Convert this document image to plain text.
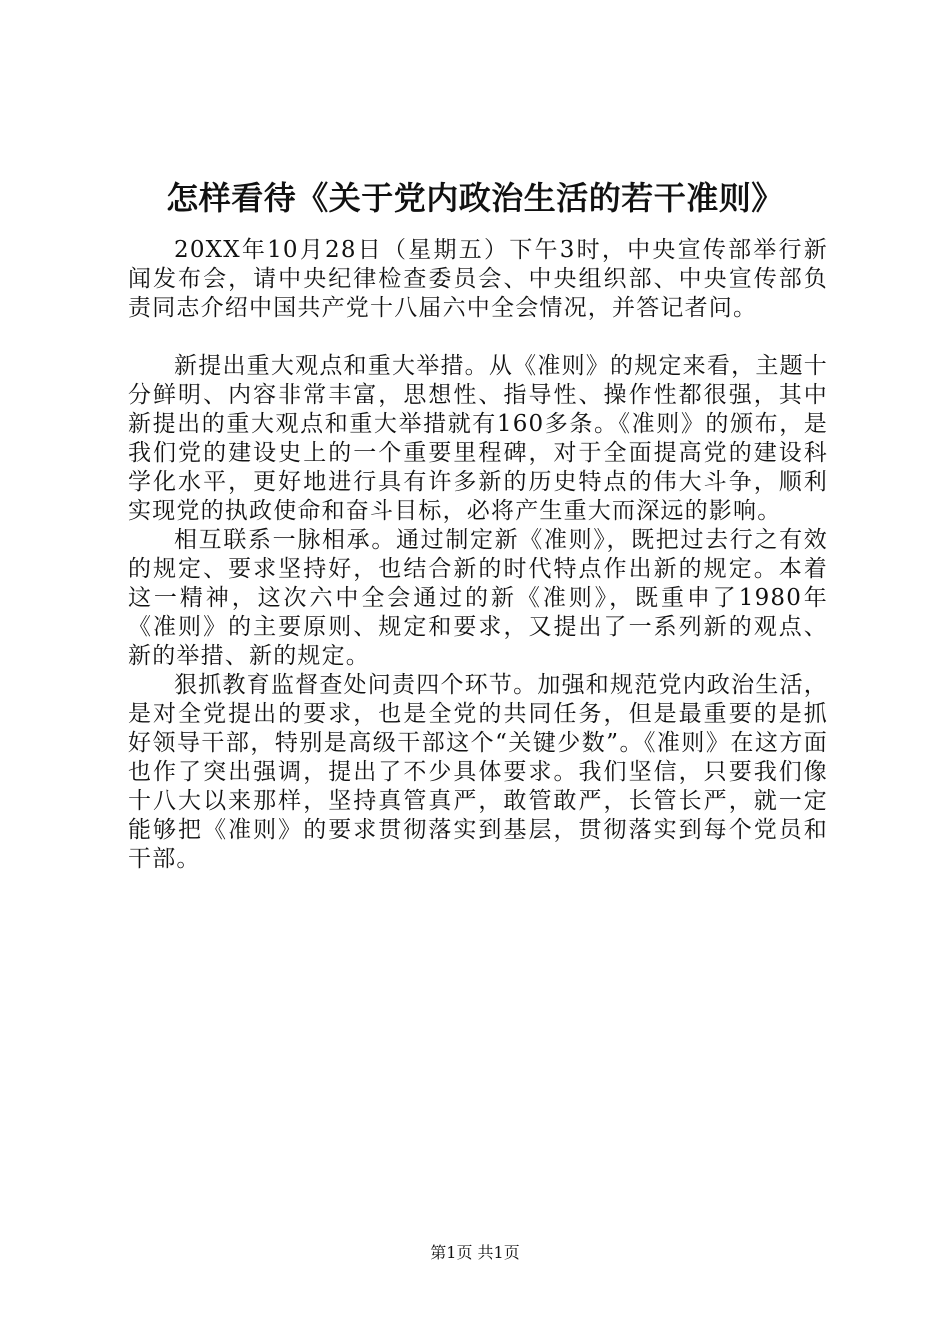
怎样看待《关于党内政治生活的若干准则》

20XX年10月28日（星期五）下午3时，中央宣传部举行新闻发布会，请中央纪律检查委员会、中央组织部、中央宣传部负责同志介绍中国共产党十八届六中全会情况，并答记者问。

新提出重大观点和重大举措。从《准则》的规定来看，主题十分鲜明、内容非常丰富，思想性、指导性、操作性都很强，其中新提出的重大观点和重大举措就有160多条。《准则》的颁布，是我们党的建设史上的一个重要里程碑，对于全面提高党的建设科学化水平，更好地进行具有许多新的历史特点的伟大斗争，顺利实现党的执政使命和奋斗目标，必将产生重大而深远的影响。

相互联系一脉相承。通过制定新《准则》，既把过去行之有效的规定、要求坚持好，也结合新的时代特点作出新的规定。本着这一精神，这次六中全会通过的新《准则》，既重申了1980年《准则》的主要原则、规定和要求，又提出了一系列新的观点、新的举措、新的规定。

狠抓教育监督查处问责四个环节。加强和规范党内政治生活，是对全党提出的要求，也是全党的共同任务，但是最重要的是抓好领导干部，特别是高级干部这个“关键少数”。《准则》在这方面也作了突出强调，提出了不少具体要求。我们坚信，只要我们像十八大以来那样，坚持真管真严，敢管敢严，长管长严，就一定能够把《准则》的要求贯彻落实到基层，贯彻落实到每个党员和干部。

第1页 共1页
